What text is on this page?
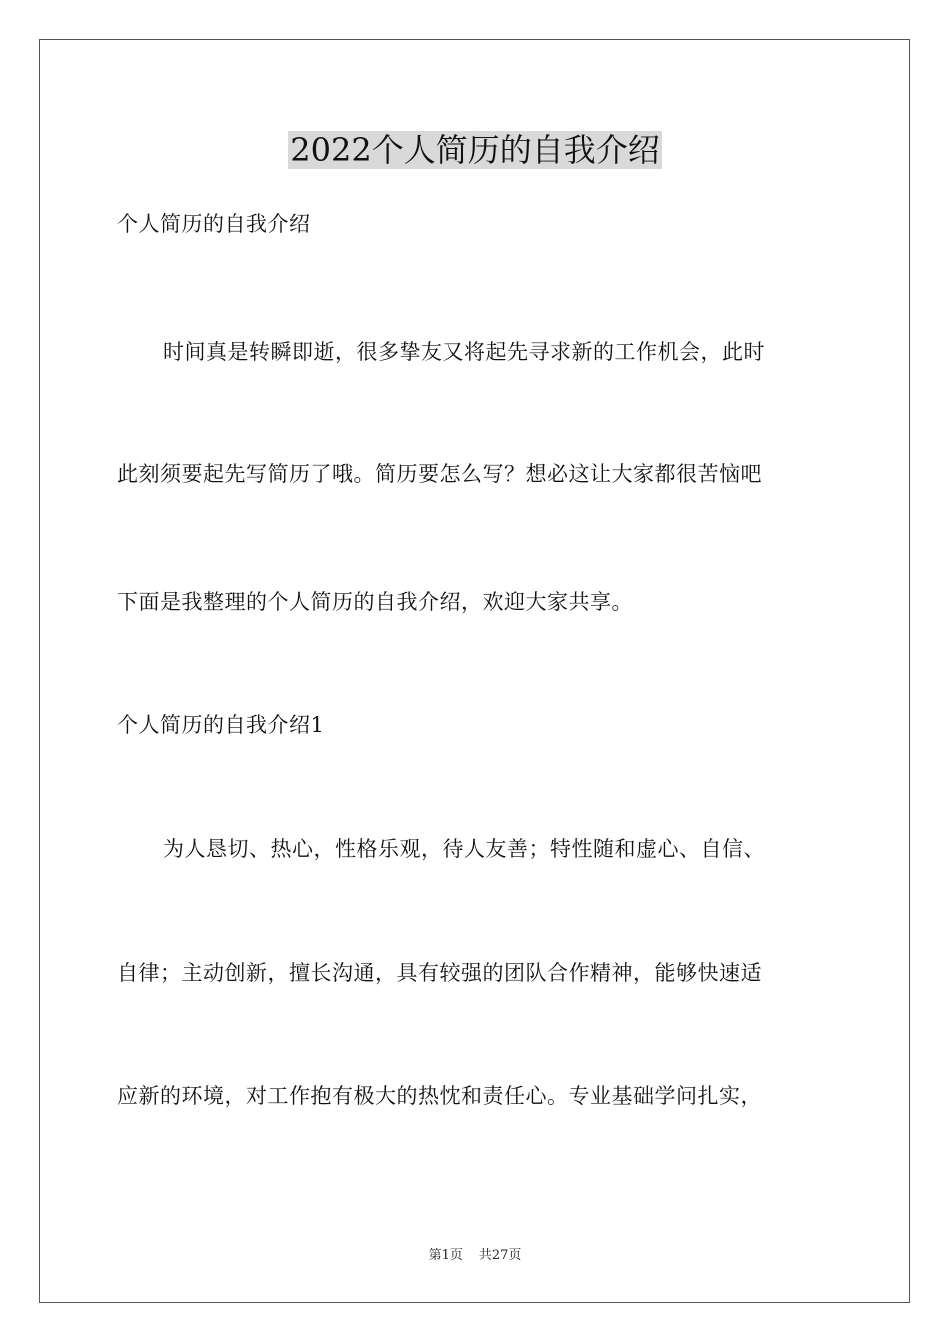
2022个人简历的自我介绍

个人简历的自我介绍

时间真是转瞬即逝，很多挚友又将起先寻求新的工作机会，此时

此刻须要起先写简历了哦。简历要怎么写？想必这让大家都很苦恼吧

下面是我整理的个人简历的自我介绍，欢迎大家共享。

个人简历的自我介绍1

为人恳切、热心，性格乐观，待人友善；特性随和虚心、自信、

自律；主动创新，擅长沟通，具有较强的团队合作精神，能够快速适

应新的环境，对工作抱有极大的热忱和责任心。专业基础学问扎实，

第1页 共27页
